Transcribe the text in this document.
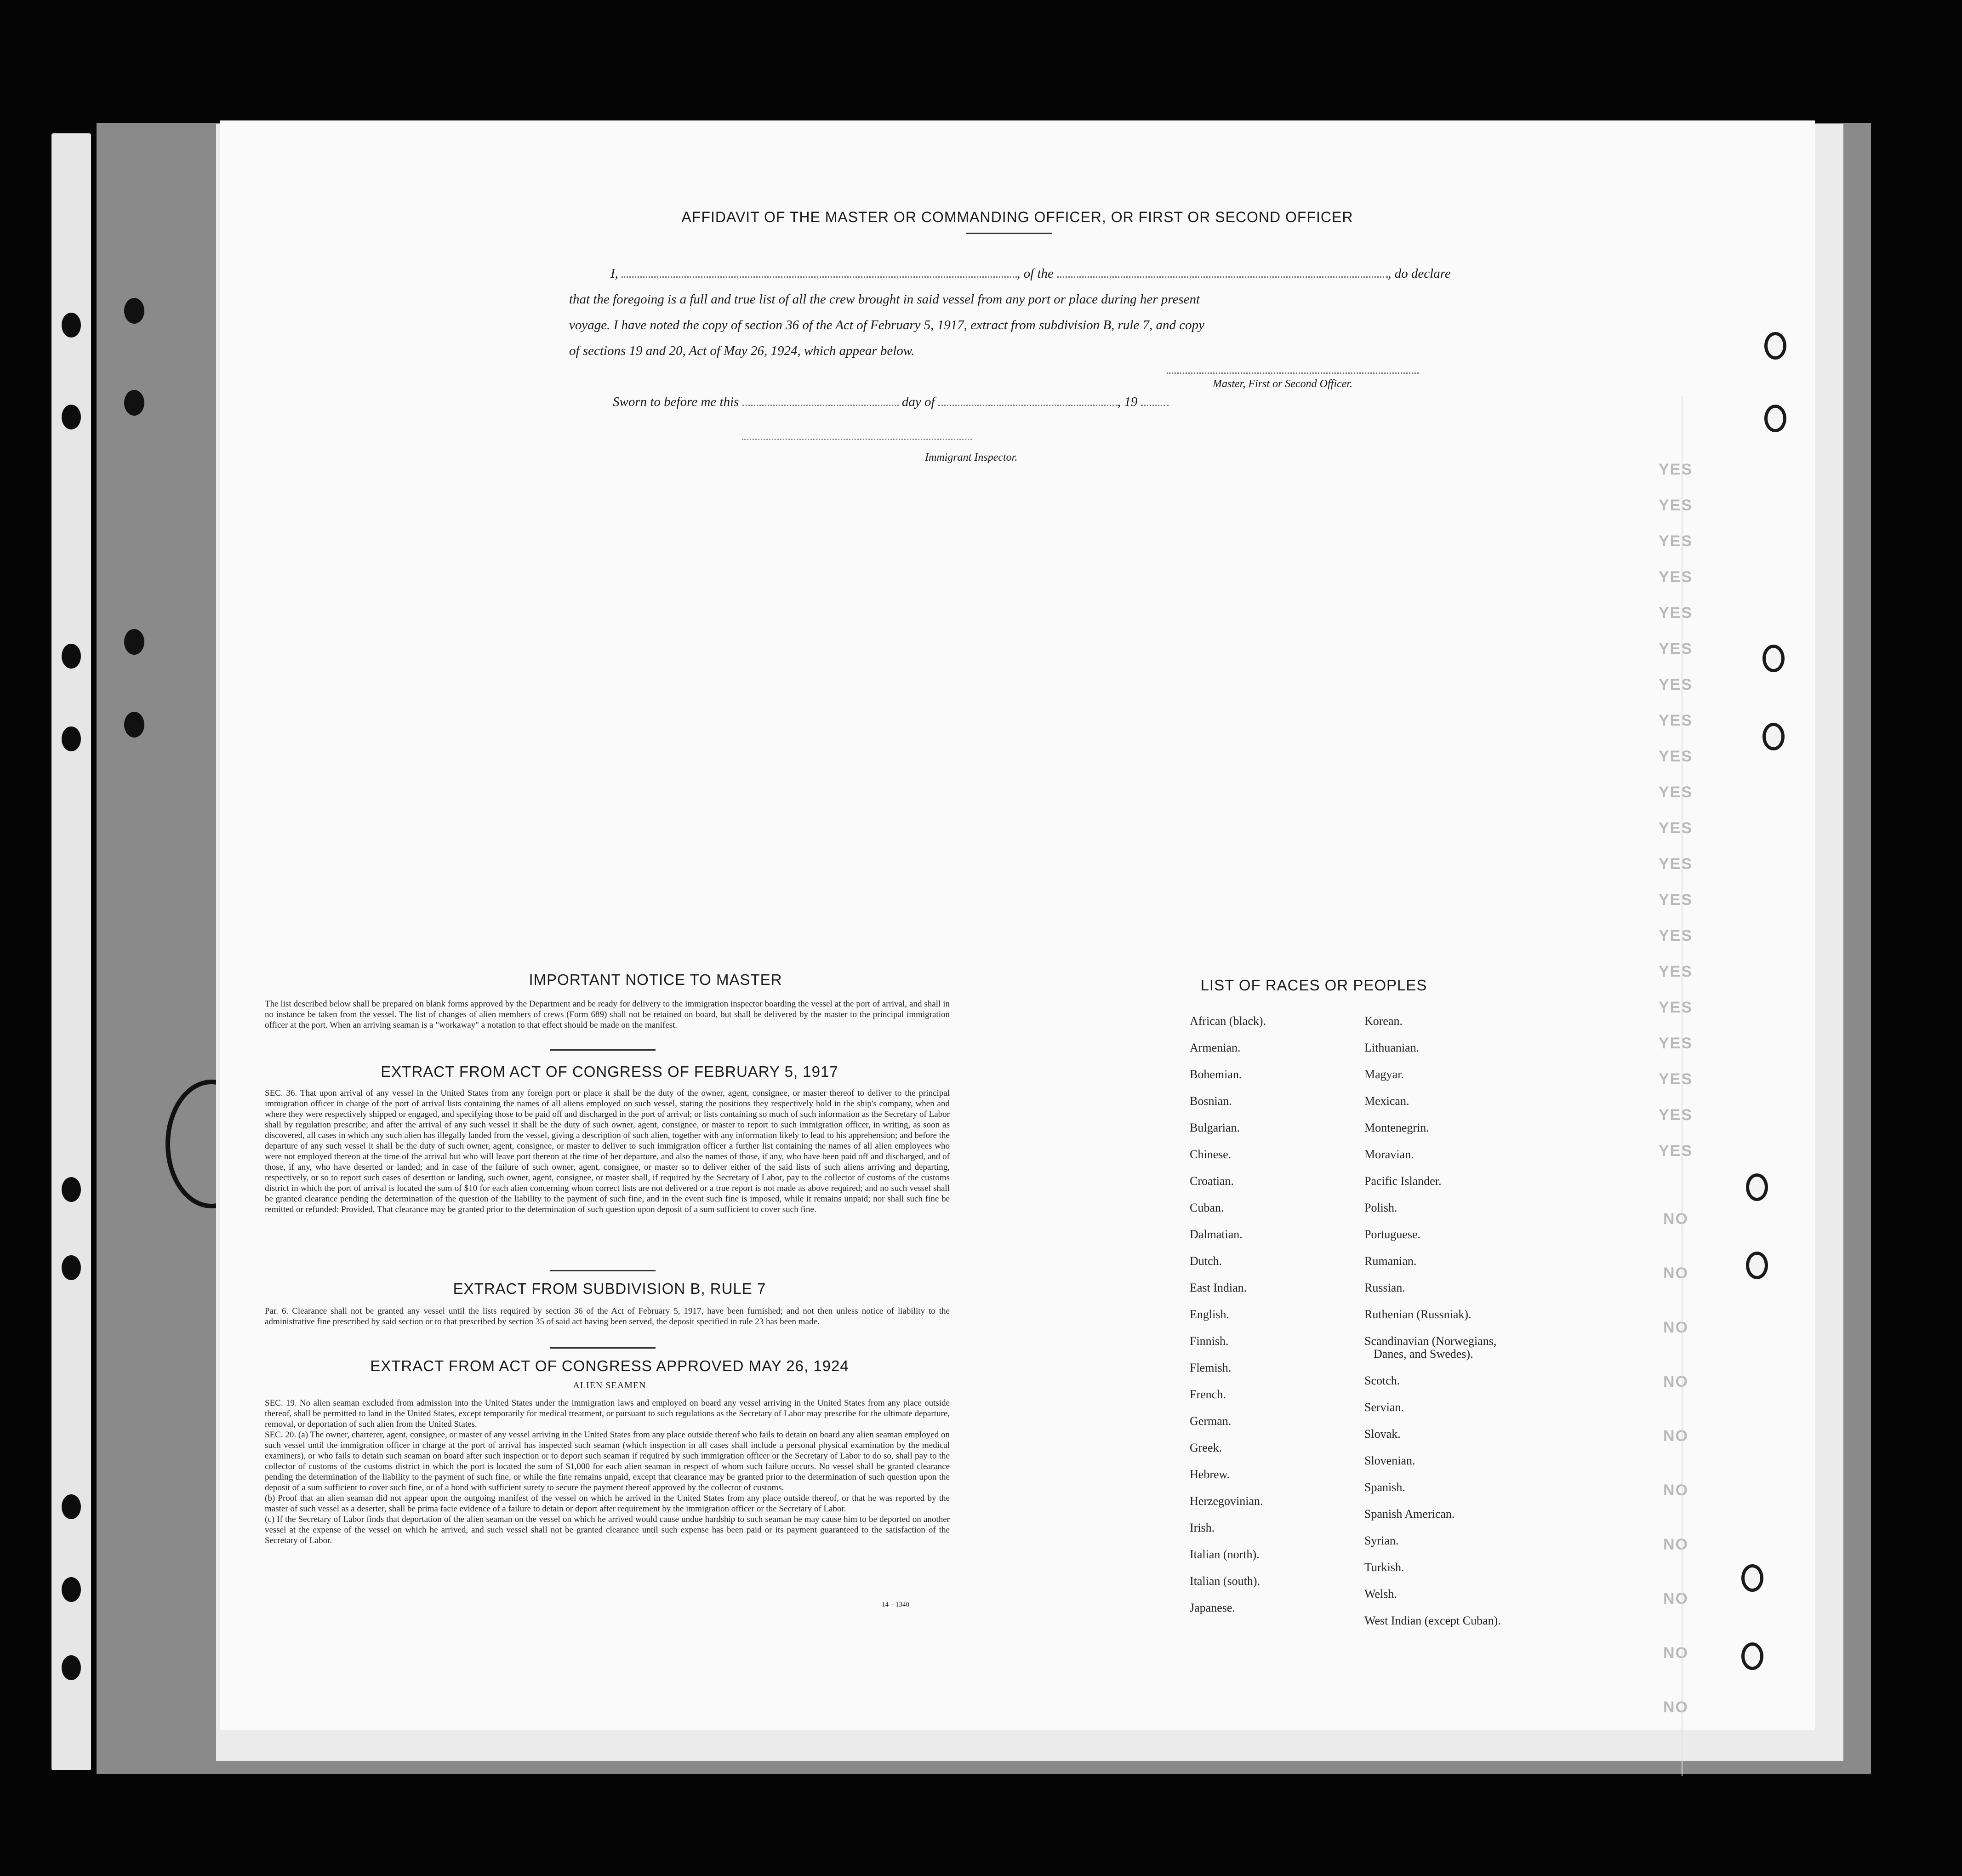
YES
YES
YES
YES
YES
YES
YES
YES
YES
YES
YES
YES
YES
YES
YES
YES
YES
YES
YES
YES
NO
NO
NO
NO
NO
NO
NO
NO
NO
NO
AFFIDAVIT OF THE MASTER OR COMMANDING OFFICER, OR FIRST OR SECOND OFFICER
I,	, of the	, do declare
that the foregoing is a full and true list of all the crew brought in said vessel from any port or place during her present
voyage. I have noted the copy of section 36 of the Act of February 5, 1917, extract from subdivision B, rule 7, and copy
of sections 19 and 20, Act of May 26, 1924, which appear below.
Master, First or Second Officer.
Sworn to before me this	day of	, 19
Immigrant Inspector.
IMPORTANT NOTICE TO MASTER
The list described below shall be prepared on blank forms approved by the Department and be ready for delivery to the immigration inspector boarding the vessel at the port of arrival, and shall in no instance be taken from the vessel. The list of changes of alien members of crews (Form 689) shall not be retained on board, but shall be delivered by the master to the principal immigration officer at the port. When an arriving seaman is a "workaway" a notation to that effect should be made on the manifest.
EXTRACT FROM ACT OF CONGRESS OF FEBRUARY 5, 1917
SEC. 36. That upon arrival of any vessel in the United States from any foreign port or place it shall be the duty of the owner, agent, consignee, or master thereof to deliver to the principal immigration officer in charge of the port of arrival lists containing the names of all aliens employed on such vessel, stating the positions they respectively hold in the ship's company, when and where they were respectively shipped or engaged, and specifying those to be paid off and discharged in the port of arrival; or lists containing so much of such information as the Secretary of Labor shall by regulation prescribe; and after the arrival of any such vessel it shall be the duty of such owner, agent, consignee, or master to report to such immigration officer, in writing, as soon as discovered, all cases in which any such alien has illegally landed from the vessel, giving a description of such alien, together with any information likely to lead to his apprehension; and before the departure of any such vessel it shall be the duty of such owner, agent, consignee, or master to deliver to such immigration officer a further list containing the names of all alien employees who were not employed thereon at the time of the arrival but who will leave port thereon at the time of her departure, and also the names of those, if any, who have been paid off and discharged, and of those, if any, who have deserted or landed; and in case of the failure of such owner, agent, consignee, or master so to deliver either of the said lists of such aliens arriving and departing, respectively, or so to report such cases of desertion or landing, such owner, agent, consignee, or master shall, if required by the Secretary of Labor, pay to the collector of customs of the customs district in which the port of arrival is located the sum of $10 for each alien concerning whom correct lists are not delivered or a true report is not made as above required; and no such vessel shall be granted clearance pending the determination of the question of the liability to the payment of such fine, and in the event such fine is imposed, while it remains unpaid; nor shall such fine be remitted or refunded: Provided, That clearance may be granted prior to the determination of such question upon deposit of a sum sufficient to cover such fine.
EXTRACT FROM SUBDIVISION B, RULE 7
Par. 6. Clearance shall not be granted any vessel until the lists required by section 36 of the Act of February 5, 1917, have been furnished; and not then unless notice of liability to the administrative fine prescribed by said section or to that prescribed by section 35 of said act having been served, the deposit specified in rule 23 has been made.
EXTRACT FROM ACT OF CONGRESS APPROVED MAY 26, 1924
ALIEN SEAMEN
SEC. 19. No alien seaman excluded from admission into the United States under the immigration laws and employed on board any vessel arriving in the United States from any place outside thereof, shall be permitted to land in the United States, except temporarily for medical treatment, or pursuant to such regulations as the Secretary of Labor may prescribe for the ultimate departure, removal, or deportation of such alien from the United States.
SEC. 20. (a) The owner, charterer, agent, consignee, or master of any vessel arriving in the United States from any place outside thereof who fails to detain on board any alien seaman employed on such vessel until the immigration officer in charge at the port of arrival has inspected such seaman (which inspection in all cases shall include a personal physical examination by the medical examiners), or who fails to detain such seaman on board after such inspection or to deport such seaman if required by such immigration officer or the Secretary of Labor to do so, shall pay to the collector of customs of the customs district in which the port is located the sum of $1,000 for each alien seaman in respect of whom such failure occurs. No vessel shall be granted clearance pending the determination of the liability to the payment of such fine, or while the fine remains unpaid, except that clearance may be granted prior to the determination of such question upon the deposit of a sum sufficient to cover such fine, or of a bond with sufficient surety to secure the payment thereof approved by the collector of customs.
(b) Proof that an alien seaman did not appear upon the outgoing manifest of the vessel on which he arrived in the United States from any place outside thereof, or that he was reported by the master of such vessel as a deserter, shall be prima facie evidence of a failure to detain or deport after requirement by the immigration officer or the Secretary of Labor.
(c) If the Secretary of Labor finds that deportation of the alien seaman on the vessel on which he arrived would cause undue hardship to such seaman he may cause him to be deported on another vessel at the expense of the vessel on which he arrived, and such vessel shall not be granted clearance until such expense has been paid or its payment guaranteed to the satisfaction of the Secretary of Labor.
14—1340
LIST OF RACES OR PEOPLES
African (black).
Armenian.
Bohemian.
Bosnian.
Bulgarian.
Chinese.
Croatian.
Cuban.
Dalmatian.
Dutch.
East Indian.
English.
Finnish.
Flemish.
French.
German.
Greek.
Hebrew.
Herzegovinian.
Irish.
Italian (north).
Italian (south).
Japanese.
Korean.
Lithuanian.
Magyar.
Mexican.
Montenegrin.
Moravian.
Pacific Islander.
Polish.
Portuguese.
Rumanian.
Russian.
Ruthenian (Russniak).
Scandinavian (Norwegians,
Danes, and Swedes).
Scotch.
Servian.
Slovak.
Slovenian.
Spanish.
Spanish American.
Syrian.
Turkish.
Welsh.
West Indian (except Cuban).
